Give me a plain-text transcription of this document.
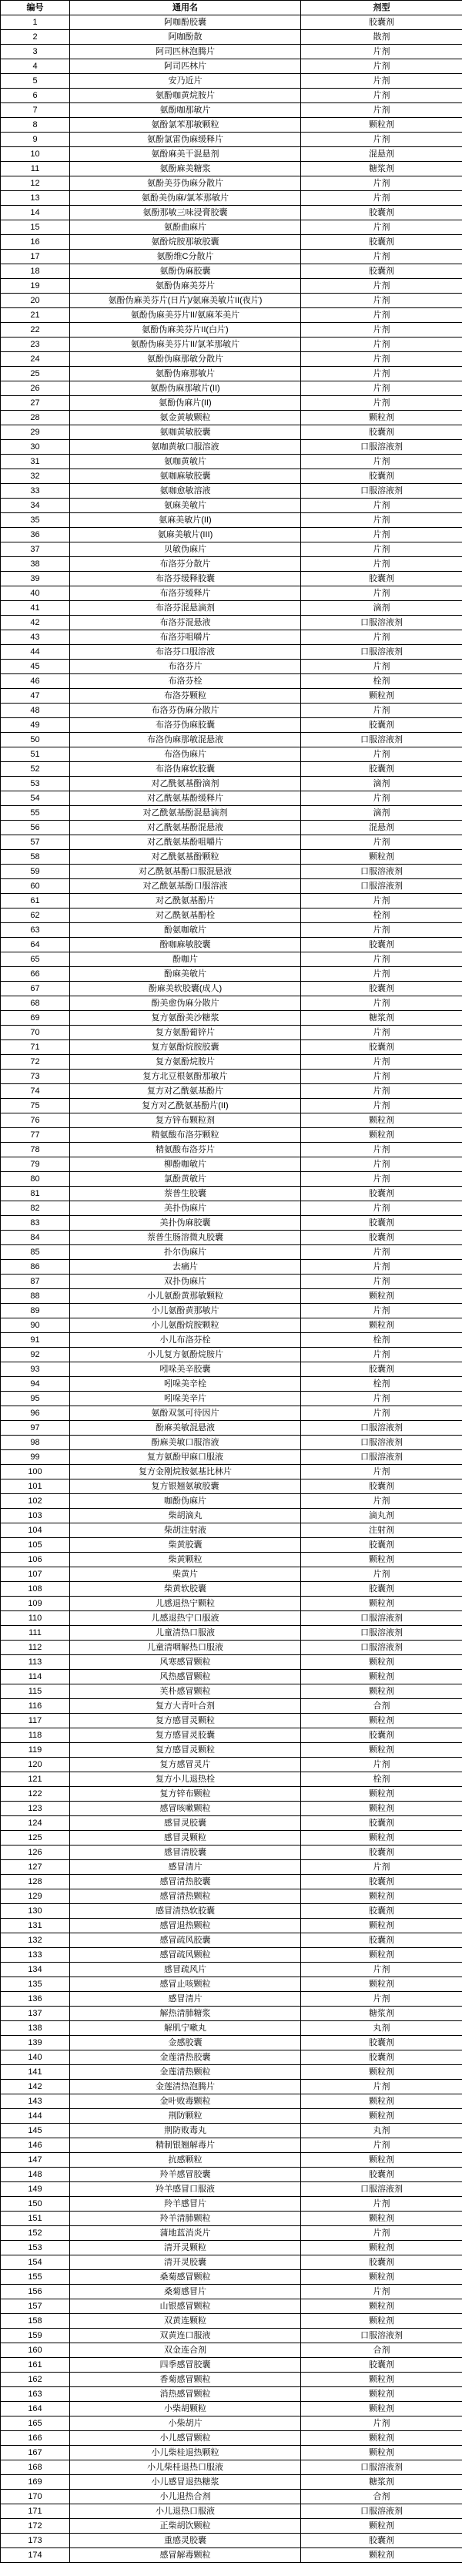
编号	通用名	剂型
1	阿咖酚胶囊	胶囊剂
2	阿咖酚散	散剂
3	阿司匹林泡腾片	片剂
4	阿司匹林片	片剂
5	安乃近片	片剂
6	氨酚咖黄烷胺片	片剂
7	氨酚咖那敏片	片剂
8	氨酚氯苯那敏颗粒	颗粒剂
9	氨酚氯雷伪麻缓释片	片剂
10	氨酚麻美干混悬剂	混悬剂
11	氨酚麻美糖浆	糖浆剂
12	氨酚美芬伪麻分散片	片剂
13	氨酚美伪麻/氯苯那敏片	片剂
14	氨酚那敏三味浸膏胶囊	胶囊剂
15	氨酚曲麻片	片剂
16	氨酚烷胺那敏胶囊	胶囊剂
17	氨酚维C分散片	片剂
18	氨酚伪麻胶囊	胶囊剂
19	氨酚伪麻美芬片	片剂
20	氨酚伪麻美芬片(日片)/氨麻美敏片II(夜片)	片剂
21	氨酚伪麻美芬片II/氨麻苯美片	片剂
22	氨酚伪麻美芬片II(白片)	片剂
23	氨酚伪麻美芬片II/氯苯那敏片	片剂
24	氨酚伪麻那敏分散片	片剂
25	氨酚伪麻那敏片	片剂
26	氨酚伪麻那敏片(II)	片剂
27	氨酚伪麻片(II)	片剂
28	氨金黄敏颗粒	颗粒剂
29	氨咖黄敏胶囊	胶囊剂
30	氨咖黄敏口服溶液	口服溶液剂
31	氨咖黄敏片	片剂
32	氨咖麻敏胶囊	胶囊剂
33	氨咖愈敏溶液	口服溶液剂
34	氨麻美敏片	片剂
35	氨麻美敏片(II)	片剂
36	氨麻美敏片(III)	片剂
37	贝敏伪麻片	片剂
38	布洛芬分散片	片剂
39	布洛芬缓释胶囊	胶囊剂
40	布洛芬缓释片	片剂
41	布洛芬混悬滴剂	滴剂
42	布洛芬混悬液	口服溶液剂
43	布洛芬咀嚼片	片剂
44	布洛芬口服溶液	口服溶液剂
45	布洛芬片	片剂
46	布洛芬栓	栓剂
47	布洛芬颗粒	颗粒剂
48	布洛芬伪麻分散片	片剂
49	布洛芬伪麻胶囊	胶囊剂
50	布洛伪麻那敏混悬液	口服溶液剂
51	布洛伪麻片	片剂
52	布洛伪麻软胶囊	胶囊剂
53	对乙酰氨基酚滴剂	滴剂
54	对乙酰氨基酚缓释片	片剂
55	对乙酰氨基酚混悬滴剂	滴剂
56	对乙酰氨基酚混悬液	混悬剂
57	对乙酰氨基酚咀嚼片	片剂
58	对乙酰氨基酚颗粒	颗粒剂
59	对乙酰氨基酚口服混悬液	口服溶液剂
60	对乙酰氨基酚口服溶液	口服溶液剂
61	对乙酰氨基酚片	片剂
62	对乙酰氨基酚栓	栓剂
63	酚氨咖敏片	片剂
64	酚咖麻敏胶囊	胶囊剂
65	酚咖片	片剂
66	酚麻美敏片	片剂
67	酚麻美软胶囊(成人)	胶囊剂
68	酚美愈伪麻分散片	片剂
69	复方氨酚美沙糖浆	糖浆剂
70	复方氨酚葡锌片	片剂
71	复方氨酚烷胺胶囊	胶囊剂
72	复方氨酚烷胺片	片剂
73	复方北豆根氨酚那敏片	片剂
74	复方对乙酰氨基酚片	片剂
75	复方对乙酰氨基酚片(II)	片剂
76	复方锌布颗粒剂	颗粒剂
77	精氨酸布洛芬颗粒	颗粒剂
78	精氨酸布洛芬片	片剂
79	柳酚咖敏片	片剂
80	氯酚黄敏片	片剂
81	萘普生胶囊	胶囊剂
82	美扑伪麻片	片剂
83	美扑伪麻胶囊	胶囊剂
84	萘普生肠溶微丸胶囊	胶囊剂
85	扑尔伪麻片	片剂
86	去痛片	片剂
87	双扑伪麻片	片剂
88	小儿氨酚黄那敏颗粒	颗粒剂
89	小儿氨酚黄那敏片	片剂
90	小儿氨酚烷胺颗粒	颗粒剂
91	小儿布洛芬栓	栓剂
92	小儿复方氨酚烷胺片	片剂
93	吲哚美辛胶囊	胶囊剂
94	吲哚美辛栓	栓剂
95	吲哚美辛片	片剂
96	氨酚双氢可待因片	片剂
97	酚麻美敏混悬液	口服溶液剂
98	酚麻美敏口服溶液	口服溶液剂
99	复方氨酚甲麻口服液	口服溶液剂
100	复方金刚烷胺氨基比林片	片剂
101	复方银翘氨敏胶囊	胶囊剂
102	咖酚伪麻片	片剂
103	柴胡滴丸	滴丸剂
104	柴胡注射液	注射剂
105	柴黄胶囊	胶囊剂
106	柴黄颗粒	颗粒剂
107	柴黄片	片剂
108	柴黄软胶囊	胶囊剂
109	儿感退热宁颗粒	颗粒剂
110	儿感退热宁口服液	口服溶液剂
111	儿童清热口服液	口服溶液剂
112	儿童清咽解热口服液	口服溶液剂
113	风寒感冒颗粒	颗粒剂
114	风热感冒颗粒	颗粒剂
115	芙朴感冒颗粒	颗粒剂
116	复方大青叶合剂	合剂
117	复方感冒灵颗粒	颗粒剂
118	复方感冒灵胶囊	胶囊剂
119	复方感冒灵颗粒	颗粒剂
120	复方感冒灵片	片剂
121	复方小儿退热栓	栓剂
122	复方锌布颗粒	颗粒剂
123	感冒咳嗽颗粒	颗粒剂
124	感冒灵胶囊	胶囊剂
125	感冒灵颗粒	颗粒剂
126	感冒清胶囊	胶囊剂
127	感冒清片	片剂
128	感冒清热胶囊	胶囊剂
129	感冒清热颗粒	颗粒剂
130	感冒清热软胶囊	胶囊剂
131	感冒退热颗粒	颗粒剂
132	感冒疏风胶囊	胶囊剂
133	感冒疏风颗粒	颗粒剂
134	感冒疏风片	片剂
135	感冒止咳颗粒	颗粒剂
136	感冒清片	片剂
137	解热清肺糖浆	糖浆剂
138	解肌宁嗽丸	丸剂
139	金感胶囊	胶囊剂
140	金莲清热胶囊	胶囊剂
141	金莲清热颗粒	颗粒剂
142	金莲清热泡腾片	片剂
143	金叶败毒颗粒	颗粒剂
144	荆防颗粒	颗粒剂
145	荆防败毒丸	丸剂
146	精制银翘解毒片	片剂
147	抗感颗粒	颗粒剂
148	羚羊感冒胶囊	胶囊剂
149	羚羊感冒口服液	口服溶液剂
150	羚羊感冒片	片剂
151	羚羊清肺颗粒	颗粒剂
152	蒲地蓝消炎片	片剂
153	清开灵颗粒	颗粒剂
154	清开灵胶囊	胶囊剂
155	桑菊感冒颗粒	颗粒剂
156	桑菊感冒片	片剂
157	山银感冒颗粒	颗粒剂
158	双黄连颗粒	颗粒剂
159	双黄连口服液	口服溶液剂
160	双金连合剂	合剂
161	四季感冒胶囊	胶囊剂
162	香菊感冒颗粒	颗粒剂
163	消热感冒颗粒	颗粒剂
164	小柴胡颗粒	颗粒剂
165	小柴胡片	片剂
166	小儿感冒颗粒	颗粒剂
167	小儿柴桂退热颗粒	颗粒剂
168	小儿柴桂退热口服液	口服溶液剂
169	小儿感冒退热糖浆	糖浆剂
170	小儿退热合剂	合剂
171	小儿退热口服液	口服溶液剂
172	正柴胡饮颗粒	颗粒剂
173	重感灵胶囊	胶囊剂
174	感冒解毒颗粒	颗粒剂
